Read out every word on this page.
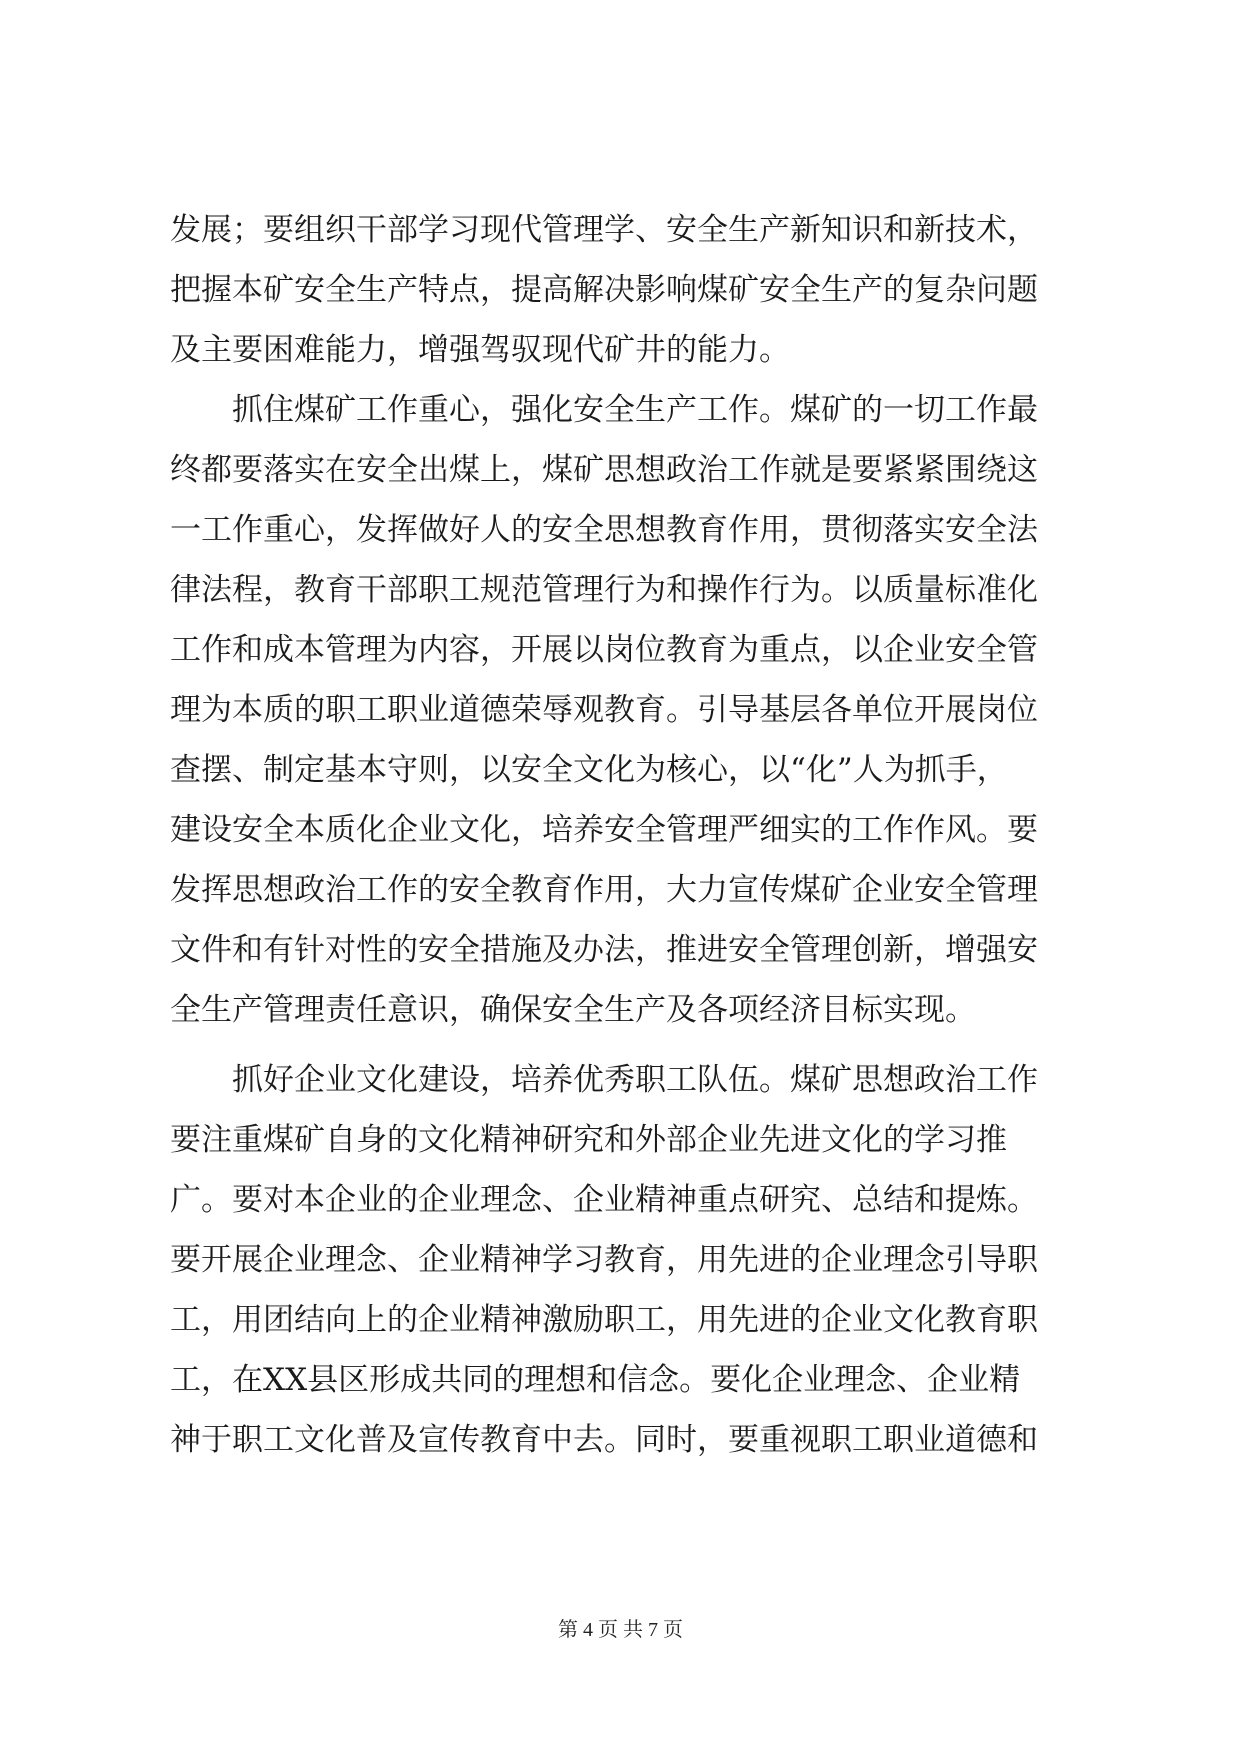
发展；要组织干部学习现代管理学、安全生产新知识和新技术，
把握本矿安全生产特点，提高解决影响煤矿安全生产的复杂问题
及主要困难能力，增强驾驭现代矿井的能力。
抓住煤矿工作重心，强化安全生产工作。煤矿的一切工作最
终都要落实在安全出煤上，煤矿思想政治工作就是要紧紧围绕这
一工作重心，发挥做好人的安全思想教育作用，贯彻落实安全法
律法程，教育干部职工规范管理行为和操作行为。以质量标准化
工作和成本管理为内容，开展以岗位教育为重点，以企业安全管
理为本质的职工职业道德荣辱观教育。引导基层各单位开展岗位
查摆、制定基本守则，以安全文化为核心，以“化”人为抓手，
建设安全本质化企业文化，培养安全管理严细实的工作作风。要
发挥思想政治工作的安全教育作用，大力宣传煤矿企业安全管理
文件和有针对性的安全措施及办法，推进安全管理创新，增强安
全生产管理责任意识，确保安全生产及各项经济目标实现。
抓好企业文化建设，培养优秀职工队伍。煤矿思想政治工作
要注重煤矿自身的文化精神研究和外部企业先进文化的学习推
广。要对本企业的企业理念、企业精神重点研究、总结和提炼。
要开展企业理念、企业精神学习教育，用先进的企业理念引导职
工，用团结向上的企业精神激励职工，用先进的企业文化教育职
工，在XX县区形成共同的理想和信念。要化企业理念、企业精
神于职工文化普及宣传教育中去。同时，要重视职工职业道德和
第 4 页 共 7 页
